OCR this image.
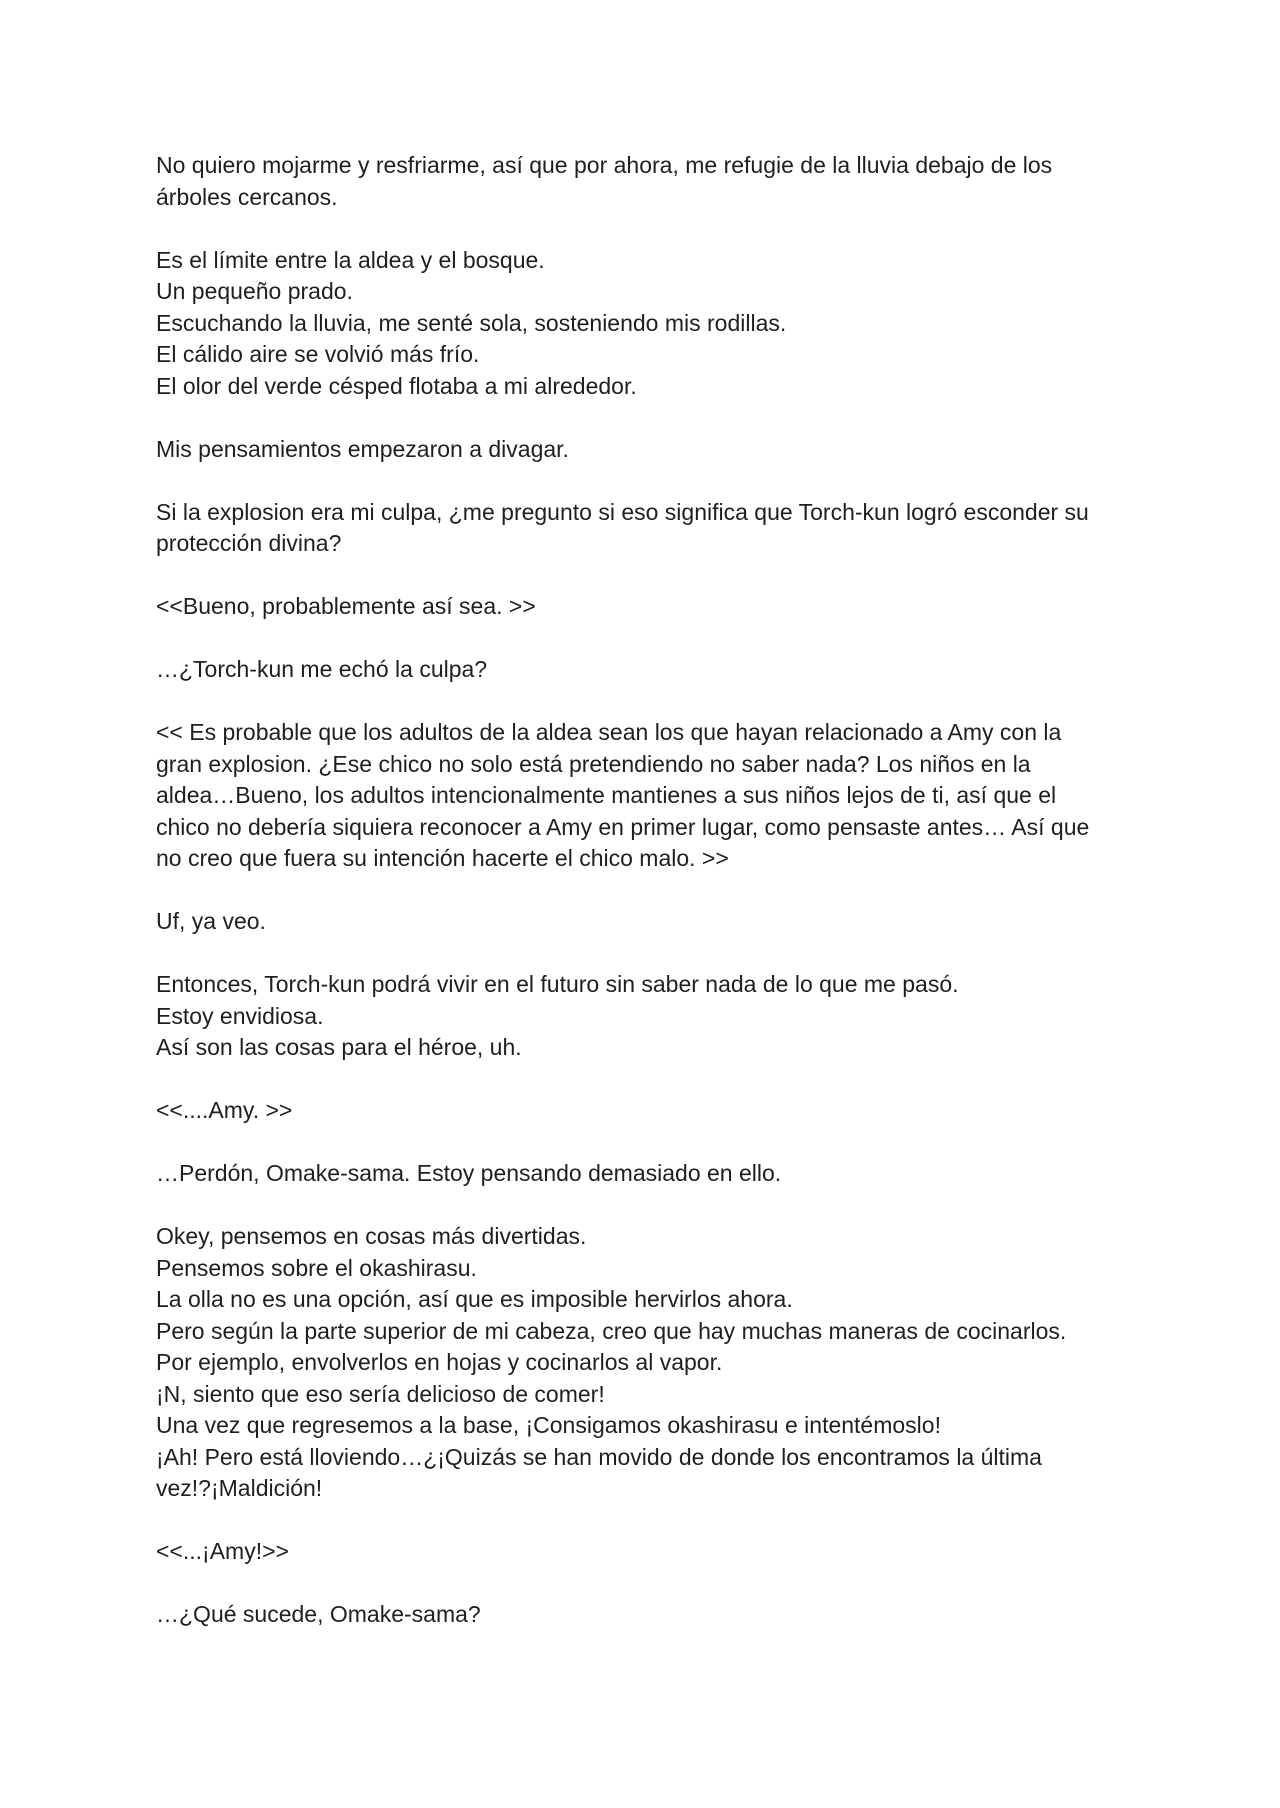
No quiero mojarme y resfriarme, así que por ahora, me refugie de la lluvia debajo de los
árboles cercanos.
Es el límite entre la aldea y el bosque.
Un pequeño prado.
Escuchando la lluvia, me senté sola, sosteniendo mis rodillas.
El cálido aire se volvió más frío.
El olor del verde césped flotaba a mi alrededor.
Mis pensamientos empezaron a divagar.
Si la explosion era mi culpa, ¿me pregunto si eso significa que Torch-kun logró esconder su
protección divina?
<<Bueno, probablemente así sea. >>
…¿Torch-kun me echó la culpa?
<< Es probable que los adultos de la aldea sean los que hayan relacionado a Amy con la
gran explosion. ¿Ese chico no solo está pretendiendo no saber nada? Los niños en la
aldea…Bueno, los adultos intencionalmente mantienes a sus niños lejos de ti, así que el
chico no debería siquiera reconocer a Amy en primer lugar, como pensaste antes… Así que
no creo que fuera su intención hacerte el chico malo. >>
Uf, ya veo.
Entonces, Torch-kun podrá vivir en el futuro sin saber nada de lo que me pasó.
Estoy envidiosa.
Así son las cosas para el héroe, uh.
<<....Amy. >>
…Perdón, Omake-sama. Estoy pensando demasiado en ello.
Okey, pensemos en cosas más divertidas.
Pensemos sobre el okashirasu.
La olla no es una opción, así que es imposible hervirlos ahora.
Pero según la parte superior de mi cabeza, creo que hay muchas maneras de cocinarlos.
Por ejemplo, envolverlos en hojas y cocinarlos al vapor.
¡N, siento que eso sería delicioso de comer!
Una vez que regresemos a la base, ¡Consigamos okashirasu e intentémoslo!
¡Ah! Pero está lloviendo…¿¡Quizás se han movido de donde los encontramos la última
vez!?¡Maldición!
<<...¡Amy!>>
…¿Qué sucede, Omake-sama?
